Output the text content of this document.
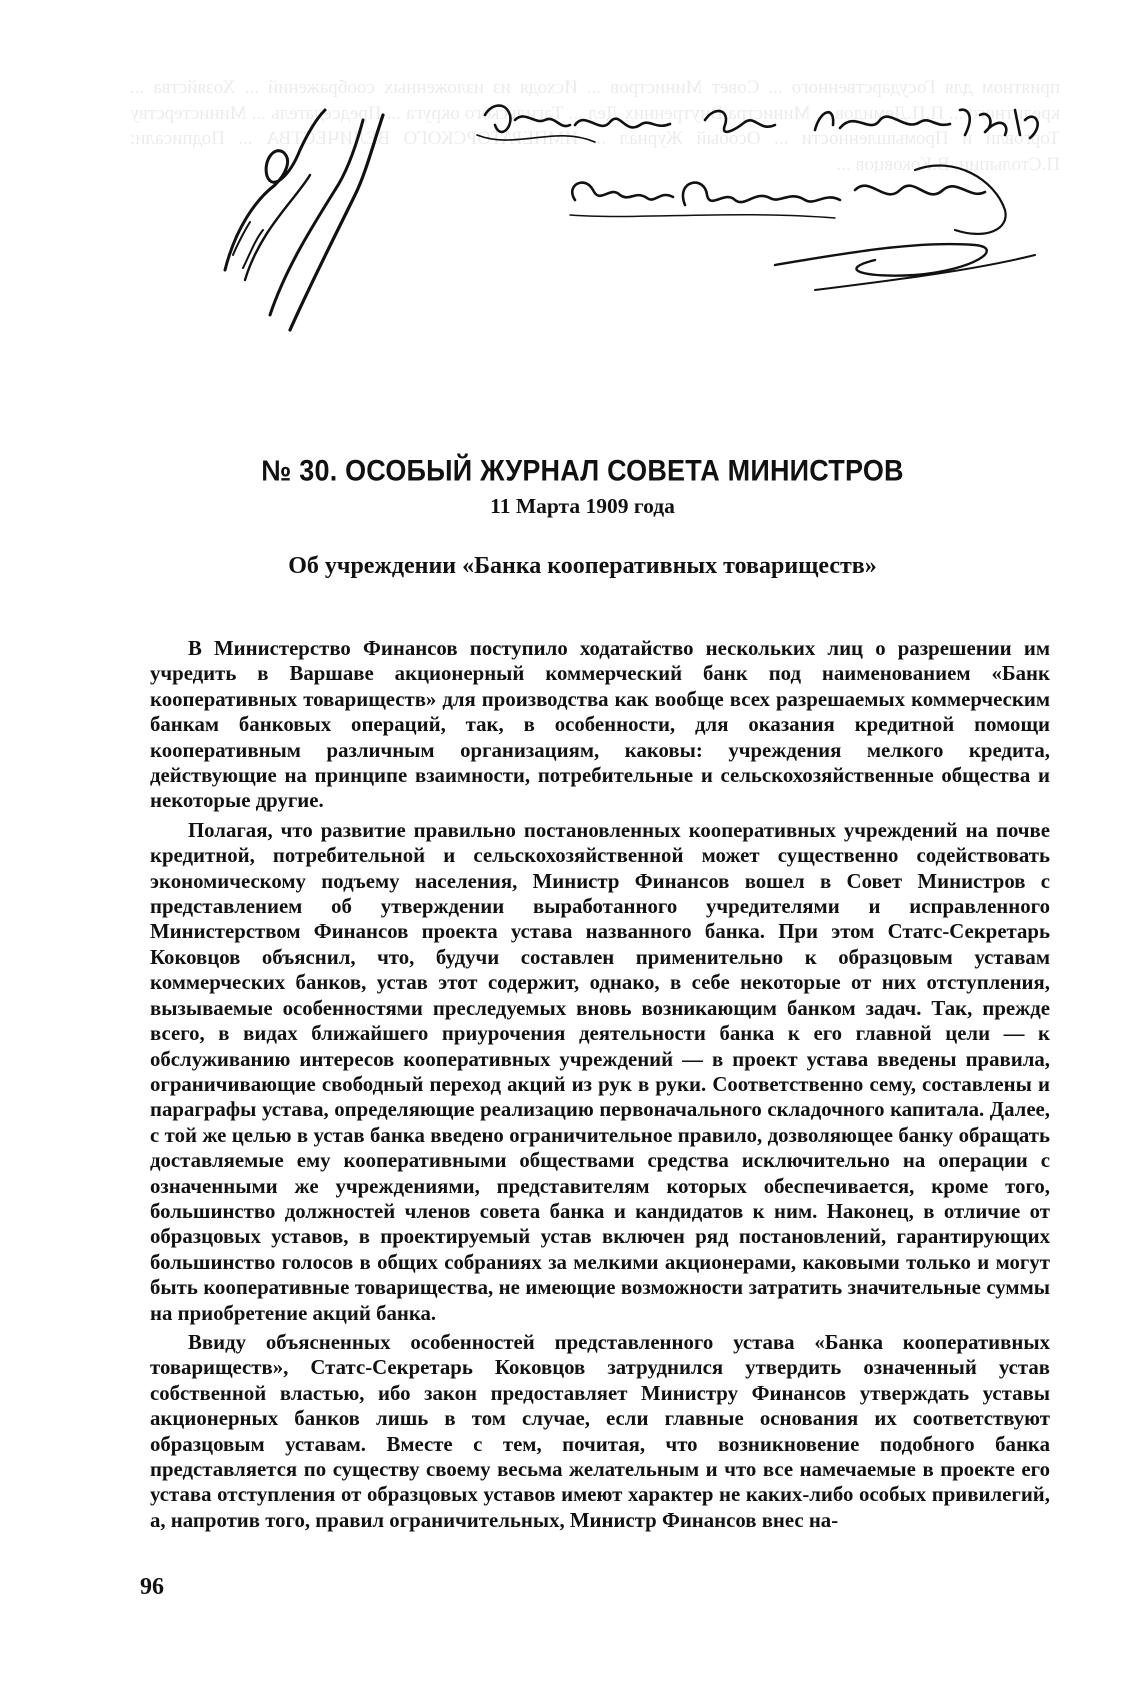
приятном для Государственного ... Совет Министров ... Исходя из изложенных соображений ... Хозяйства ... кредитного ... П.П.Демидов ... Министра Внутренних Дел ... Тагильского округа ... Председатель ... Министерству Торговли и Промышленности ... Особый Журнал ... ИМПЕРАТОРСКОГО ВЕЛИЧЕСТВА ... Подписали: П.Столыпин, В.Коковцов ...
№ 30. ОСОБЫЙ ЖУРНАЛ СОВЕТА МИНИСТРОВ
11 Марта 1909 года
Об учреждении «Банка кооперативных товариществ»

В Министерство Финансов поступило ходатайство нескольких лиц о разрешении им учредить в Варшаве акционерный коммерческий банк под наименованием «Банк кооперативных товариществ» для производства как вообще всех разрешаемых коммерческим банкам банковых операций, так, в особенности, для оказания кредитной помощи кооперативным различным организациям, каковы: учреждения мелкого кредита, действующие на принципе взаимности, потребительные и сельскохозяйственные общества и некоторые другие.

Полагая, что развитие правильно постановленных кооперативных учреждений на почве кредитной, потребительной и сельскохозяйственной может существенно содействовать экономическому подъему населения, Министр Финансов вошел в Совет Министров с представлением об утверждении выработанного учредителями и исправленного Министерством Финансов проекта устава названного банка. При этом Статс-Секретарь Коковцов объяснил, что, будучи составлен применительно к образцовым уставам коммерческих банков, устав этот содержит, однако, в себе некоторые от них отступления, вызываемые особенностями преследуемых вновь возникающим банком задач. Так, прежде всего, в видах ближайшего приурочения деятельности банка к его главной цели — к обслуживанию интересов кооперативных учреждений — в проект устава введены правила, ограничивающие свободный переход акций из рук в руки. Соответственно сему, составлены и параграфы устава, определяющие реализацию первоначального складочного капитала. Далее, с той же целью в устав банка введено ограничительное правило, дозволяющее банку обращать доставляемые ему кооперативными обществами средства исключительно на операции с означенными же учреждениями, представителям которых обеспечивается, кроме того, большинство должностей членов совета банка и кандидатов к ним. Наконец, в отличие от образцовых уставов, в проектируемый устав включен ряд постановлений, гарантирующих большинство голосов в общих собраниях за мелкими акционерами, каковыми только и могут быть кооперативные товарищества, не имеющие возможности затратить значительные суммы на приобретение акций банка.

Ввиду объясненных особенностей представленного устава «Банка кооперативных товариществ», Статс-Секретарь Коковцов затруднился утвердить означенный устав собственной властью, ибо закон предоставляет Министру Финансов утверждать уставы акционерных банков лишь в том случае, если главные основания их соответствуют образцовым уставам. Вместе с тем, почитая, что возникновение подобного банка представляется по существу своему весьма желательным и что все намечаемые в проекте его устава отступления от образцовых уставов имеют характер не каких-либо особых привилегий, а, напротив того, правил ограничительных, Министр Финансов внес на-

96
